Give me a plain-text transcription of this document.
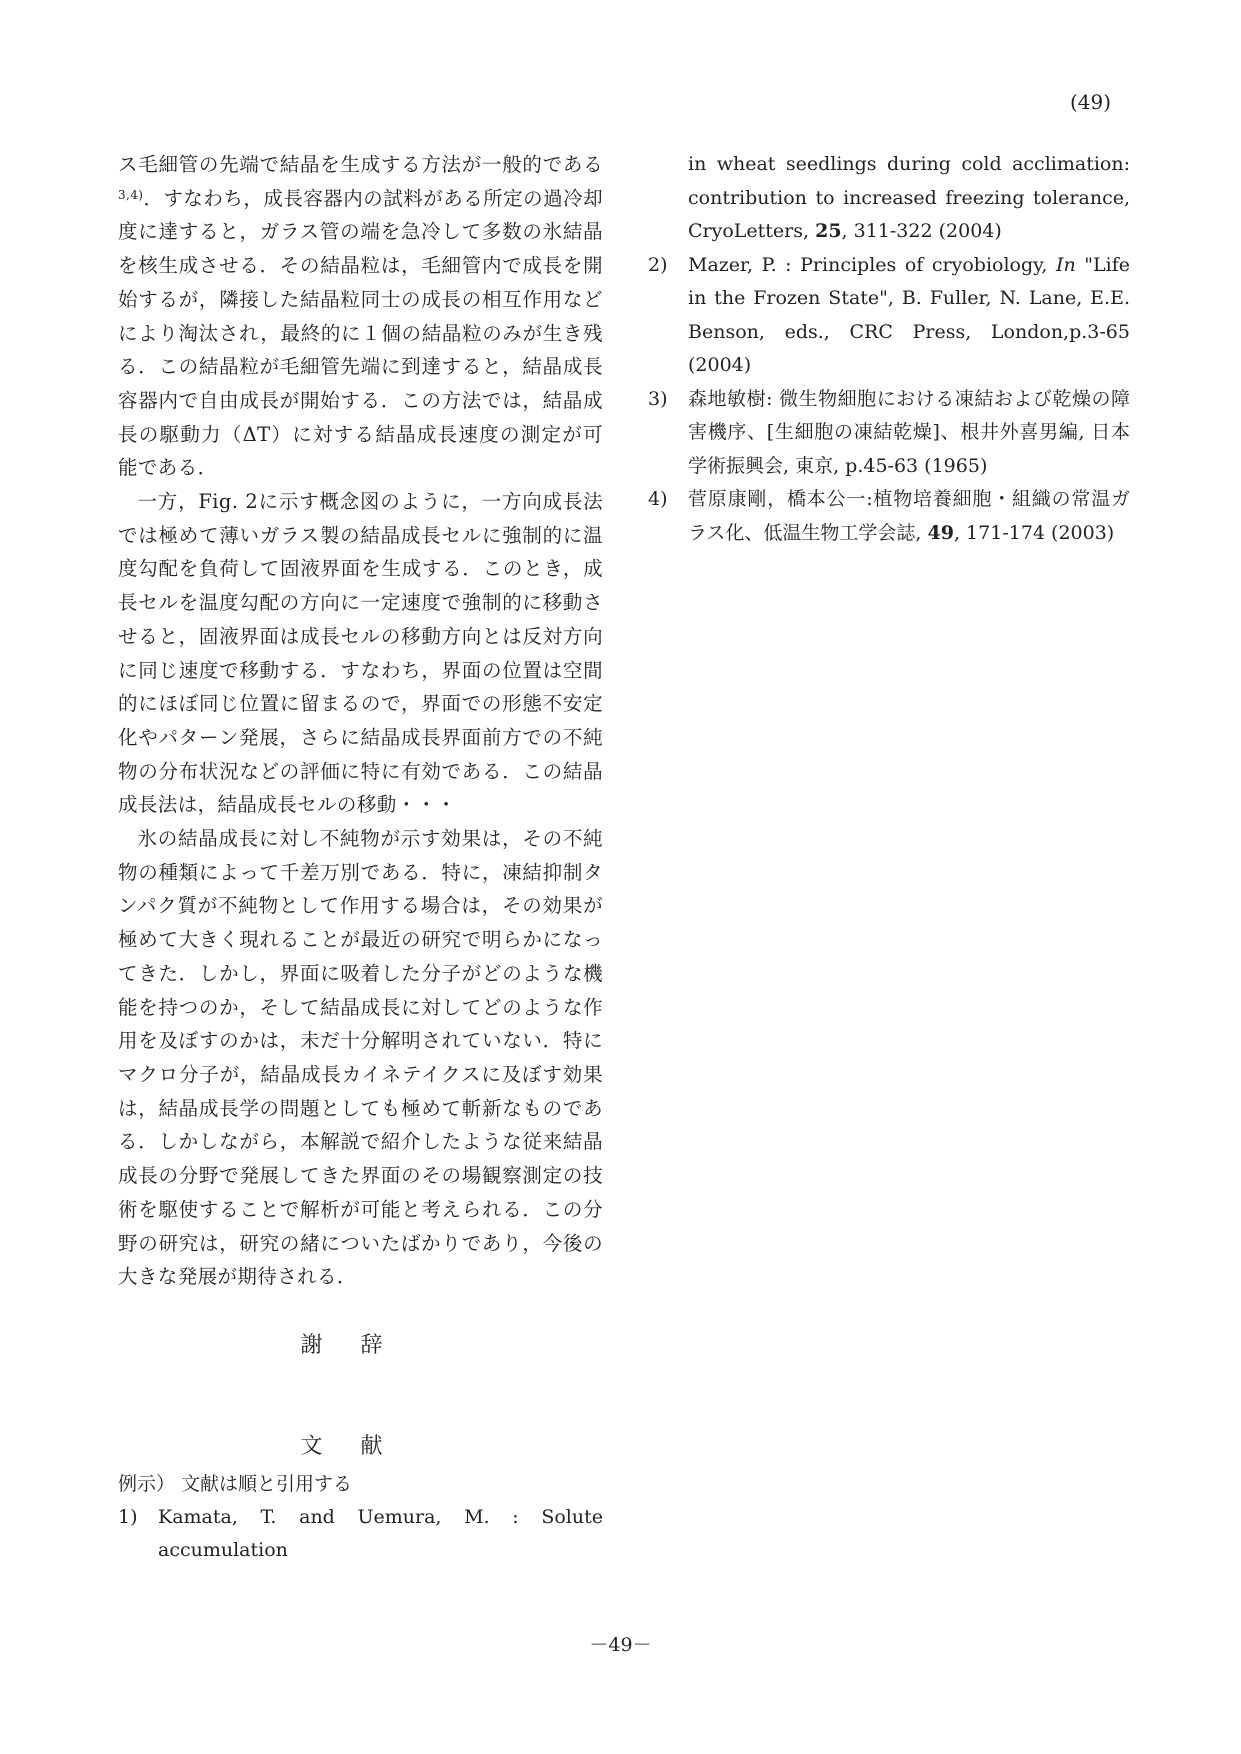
(49)

ス毛細管の先端で結晶を生成する方法が一般的である$^{3,4)}$．すなわち，成長容器内の試料がある所定の過冷却度に達すると，ガラス管の端を急冷して多数の氷結晶を核生成させる．その結晶粒は，毛細管内で成長を開始するが，隣接した結晶粒同士の成長の相互作用などにより淘汰され，最終的に１個の結晶粒のみが生き残る．この結晶粒が毛細管先端に到達すると，結晶成長容器内で自由成長が開始する．この方法では，結晶成長の駆動力（ΔT）に対する結晶成長速度の測定が可能である．

一方，Fig. 2に示す概念図のように，一方向成長法では極めて薄いガラス製の結晶成長セルに強制的に温度勾配を負荷して固液界面を生成する．このとき，成長セルを温度勾配の方向に一定速度で強制的に移動させると，固液界面は成長セルの移動方向とは反対方向に同じ速度で移動する．すなわち，界面の位置は空間的にほぼ同じ位置に留まるので，界面での形態不安定化やパターン発展，さらに結晶成長界面前方での不純物の分布状況などの評価に特に有効である．この結晶成長法は，結晶成長セルの移動・・・

氷の結晶成長に対し不純物が示す効果は，その不純物の種類によって千差万別である．特に，凍結抑制タンパク質が不純物として作用する場合は，その効果が極めて大きく現れることが最近の研究で明らかになってきた．しかし，界面に吸着した分子がどのような機能を持つのか，そして結晶成長に対してどのような作用を及ぼすのかは，未だ十分解明されていない．特にマクロ分子が，結晶成長カイネテイクスに及ぼす効果は，結晶成長学の問題としても極めて斬新なものである．しかしながら，本解説で紹介したような従来結晶成長の分野で発展してきた界面のその場観察測定の技術を駆使することで解析が可能と考えられる．この分野の研究は，研究の緒についたばかりであり，今後の大きな発展が期待される．

謝辞

文献

例示） 文献は順と引用する

1)	Kamata, T. and Uemura, M. : Solute accumulation
in wheat seedlings during cold acclimation: contribution to increased freezing tolerance, CryoLetters, 25, 311-322 (2004)
2)	Mazer, P. : Principles of cryobiology, In "Life in the Frozen State", B. Fuller, N. Lane, E.E. Benson, eds., CRC Press, London,p.3-65 (2004)
3)	森地敏樹: 微生物細胞における凍結および乾燥の障害機序、[生細胞の凍結乾燥]、根井外喜男編, 日本学術振興会, 東京, p.45-63 (1965)
4)	菅原康剛，橋本公一:植物培養細胞・組織の常温ガラス化、低温生物工学会誌, 49, 171-174 (2003)
－49－
